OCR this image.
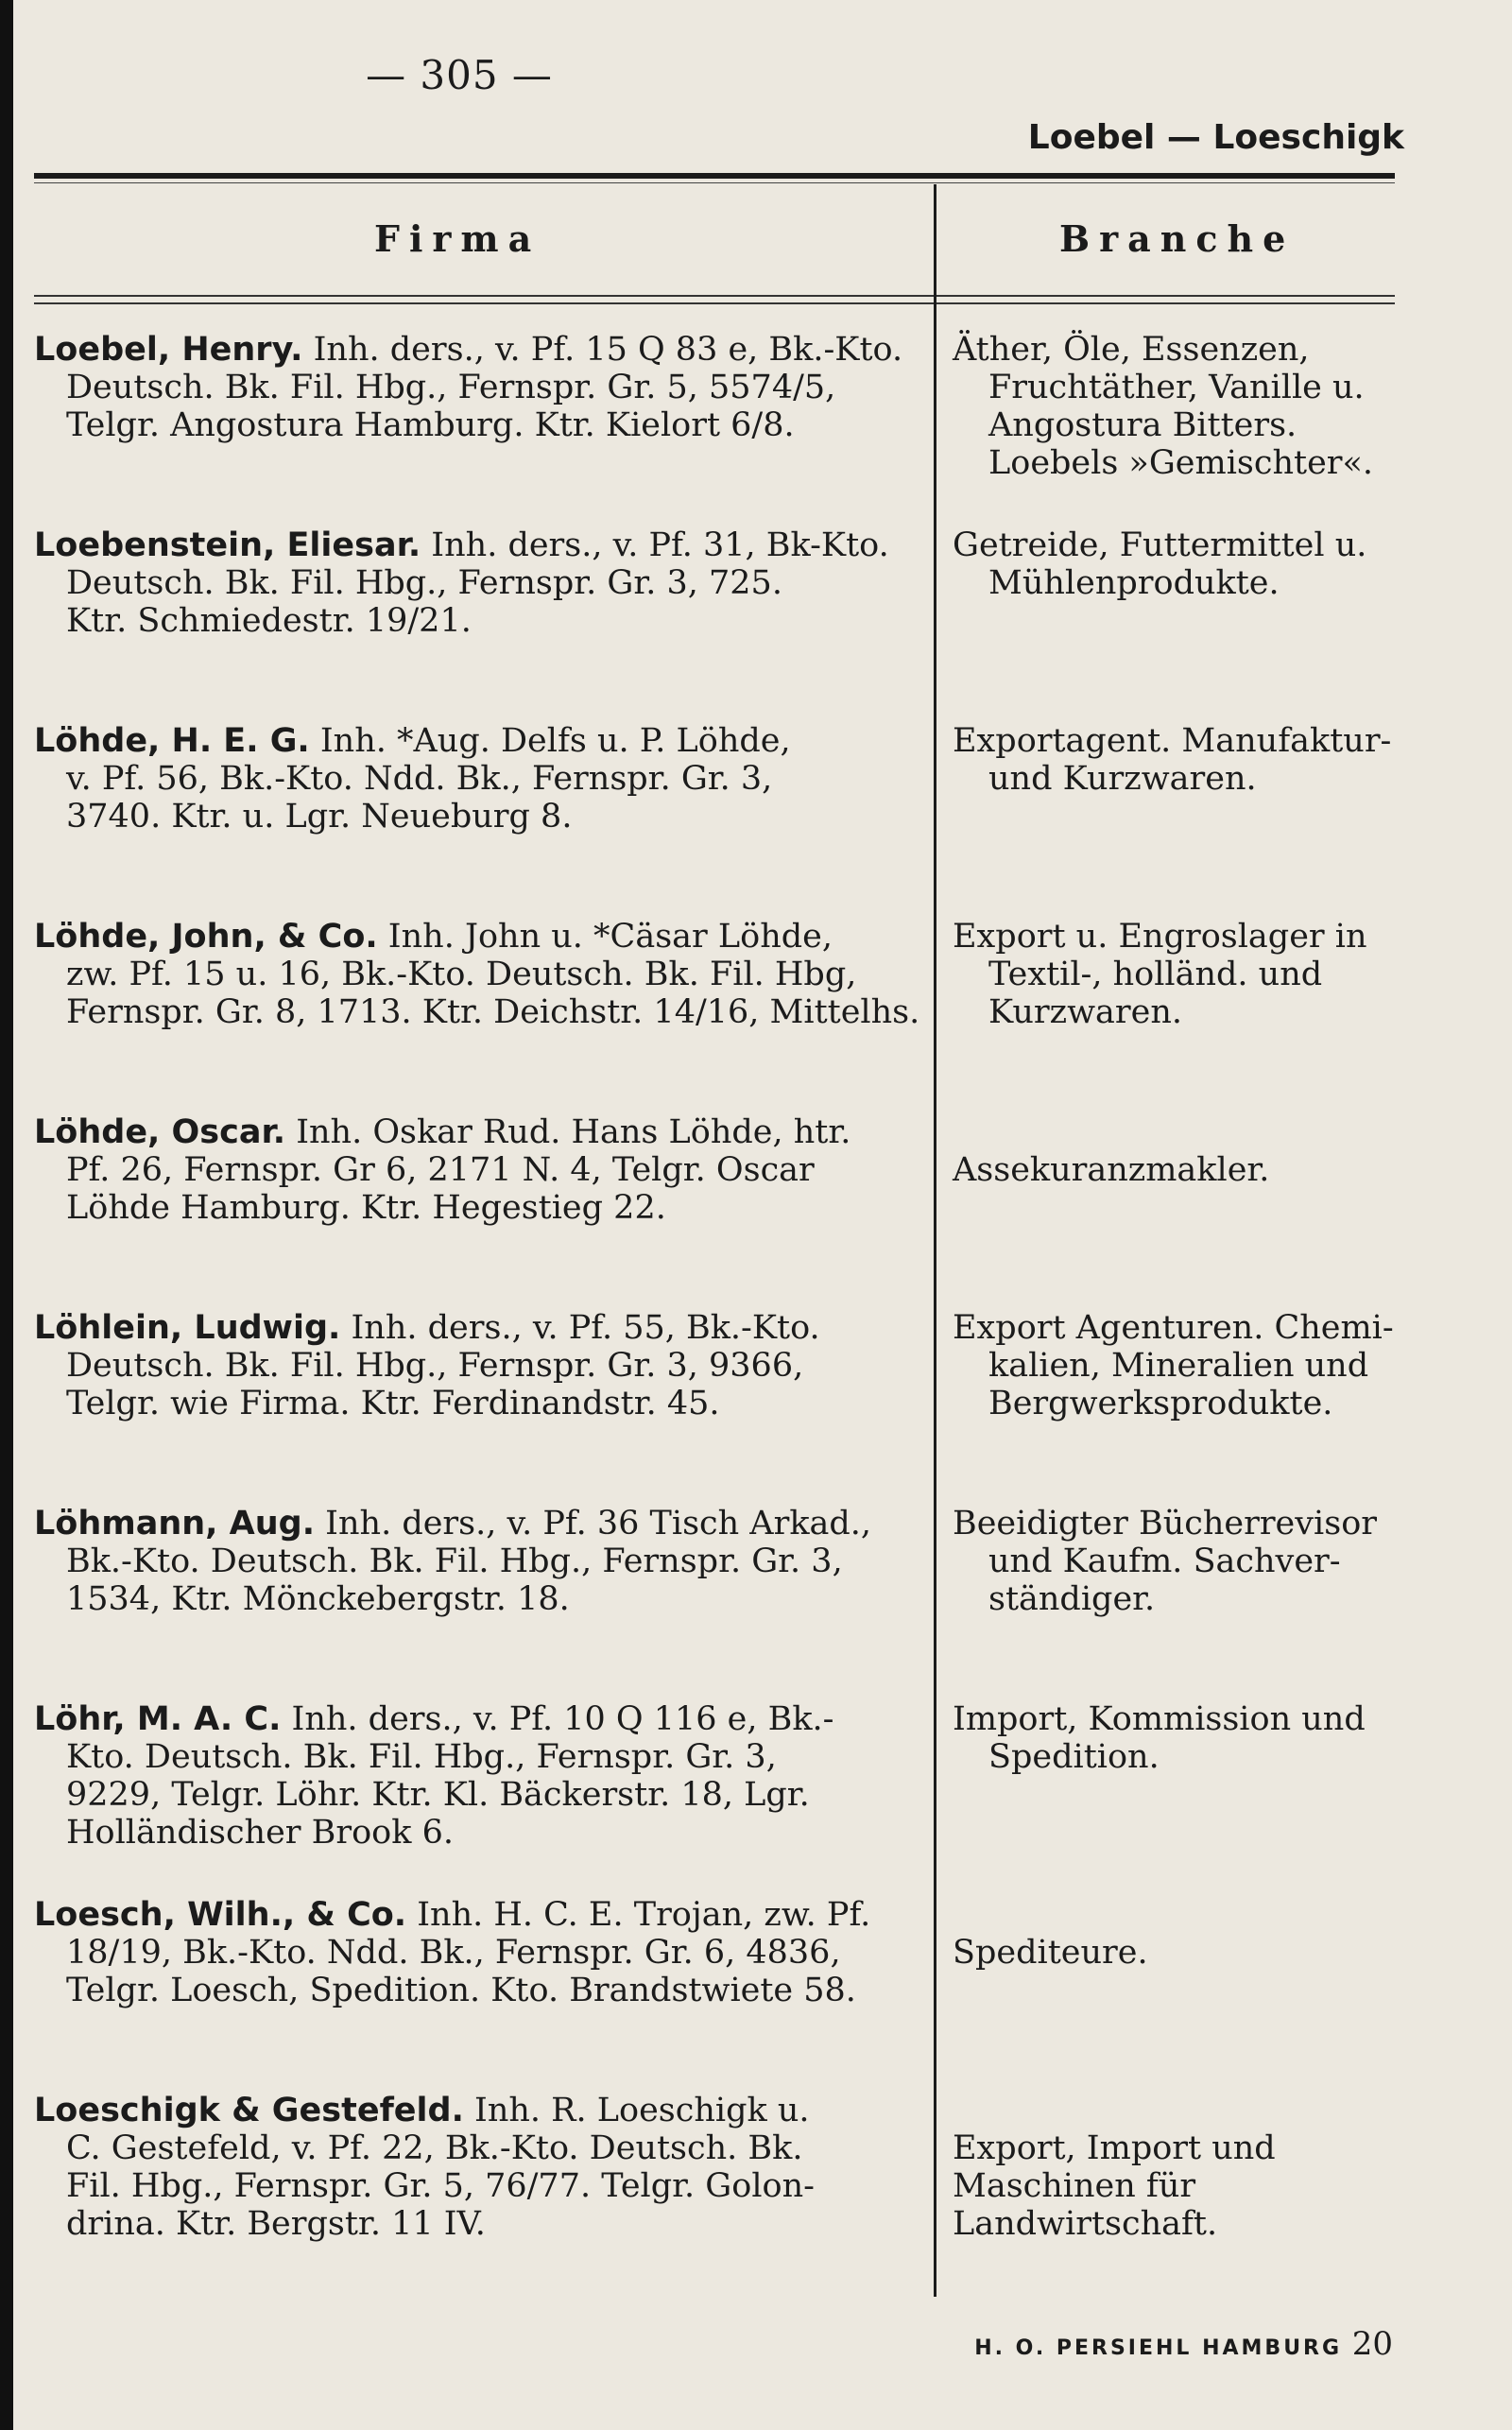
— 305 —
Loebel — Loeschigk
Firma	Branche
Loebel, Henry. Inh. ders., v. Pf. 15 Q 83 e, Bk.-Kto.
Deutsch. Bk. Fil. Hbg., Fernspr. Gr. 5, 5574/5,
Telgr. Angostura Hamburg. Ktr. Kielort 6/8.
Äther, Öle, Essenzen,
Fruchtäther, Vanille u.
Angostura Bitters.
Loebels »Gemischter«.
Loebenstein, Eliesar. Inh. ders., v. Pf. 31, Bk-Kto.
Deutsch. Bk. Fil. Hbg., Fernspr. Gr. 3, 725.
Ktr. Schmiedestr. 19/21.
Getreide, Futtermittel u.
Mühlenprodukte.
Löhde, H. E. G. Inh. *Aug. Delfs u. P. Löhde,
v. Pf. 56, Bk.-Kto. Ndd. Bk., Fernspr. Gr. 3,
3740. Ktr. u. Lgr. Neueburg 8.
Exportagent. Manufaktur-
und Kurzwaren.
Löhde, John, & Co. Inh. John u. *Cäsar Löhde,
zw. Pf. 15 u. 16, Bk.-Kto. Deutsch. Bk. Fil. Hbg,
Fernspr. Gr. 8, 1713. Ktr. Deichstr. 14/16, Mittelhs.
Export u. Engroslager in
Textil-, holländ. und
Kurzwaren.
Löhde, Oscar. Inh. Oskar Rud. Hans Löhde, htr.
Pf. 26, Fernspr. Gr 6, 2171 N. 4, Telgr. Oscar
Löhde Hamburg. Ktr. Hegestieg 22.

Assekuranzmakler.
Löhlein, Ludwig. Inh. ders., v. Pf. 55, Bk.-Kto.
Deutsch. Bk. Fil. Hbg., Fernspr. Gr. 3, 9366,
Telgr. wie Firma. Ktr. Ferdinandstr. 45.
Export Agenturen. Chemi-
kalien, Mineralien und
Bergwerksprodukte.
Löhmann, Aug. Inh. ders., v. Pf. 36 Tisch Arkad.,
Bk.-Kto. Deutsch. Bk. Fil. Hbg., Fernspr. Gr. 3,
1534, Ktr. Mönckebergstr. 18.
Beeidigter Bücherrevisor
und Kaufm. Sachver-
ständiger.
Löhr, M. A. C. Inh. ders., v. Pf. 10 Q 116 e, Bk.-
Kto. Deutsch. Bk. Fil. Hbg., Fernspr. Gr. 3,
9229, Telgr. Löhr. Ktr. Kl. Bäckerstr. 18, Lgr.
Holländischer Brook 6.
Import, Kommission und
Spedition.
Loesch, Wilh., & Co. Inh. H. C. E. Trojan, zw. Pf.
18/19, Bk.-Kto. Ndd. Bk., Fernspr. Gr. 6, 4836,
Telgr. Loesch, Spedition. Kto. Brandstwiete 58.

Spediteure.
Loeschigk & Gestefeld. Inh. R. Loeschigk u.
C. Gestefeld, v. Pf. 22, Bk.-Kto. Deutsch. Bk.
Fil. Hbg., Fernspr. Gr. 5, 76/77. Telgr. Golon-
drina. Ktr. Bergstr. 11 IV.

Export, Import und
Maschinen für
Landwirtschaft.
H. O. PERSIEHL HAMBURG 20
